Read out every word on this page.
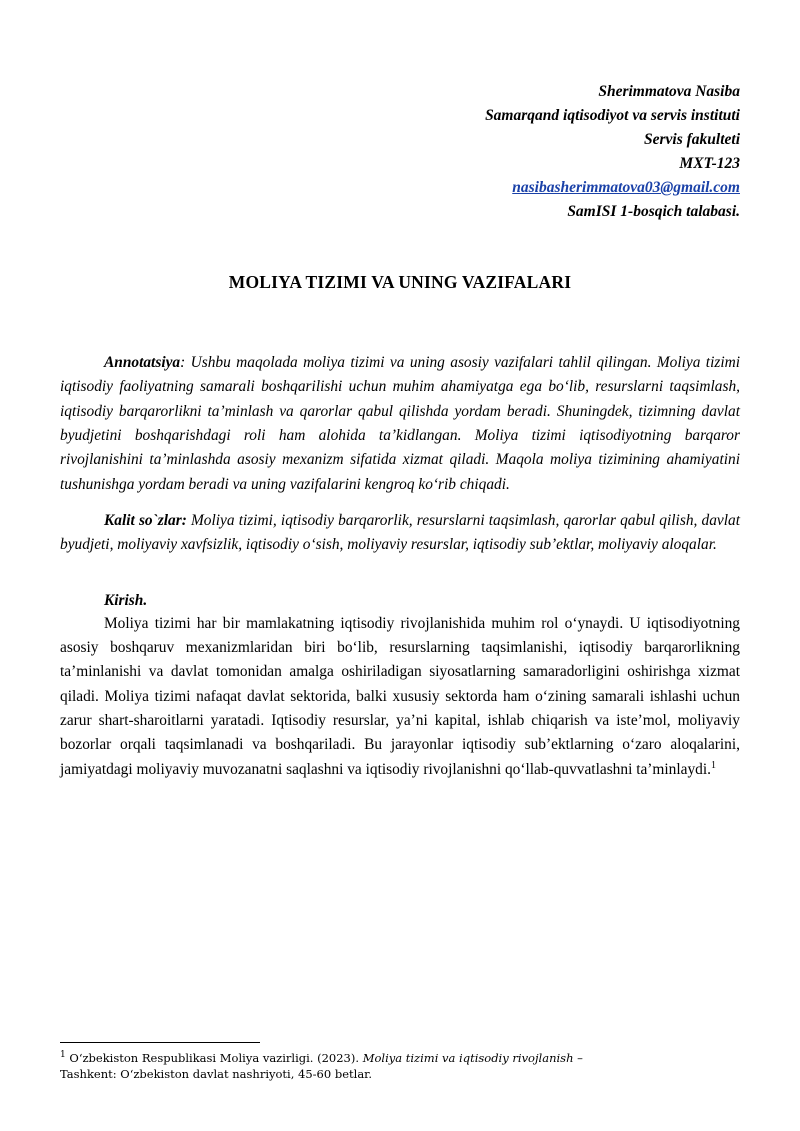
Sherimmatova Nasiba
Samarqand iqtisodiyot va servis instituti
Servis fakulteti
MXT-123
nasibasherimmatova03@gmail.com
SamISI 1-bosqich talabasi.
MOLIYA TIZIMI VA UNING VAZIFALARI

Annotatsiya: Ushbu maqolada moliya tizimi va uning asosiy vazifalari tahlil qilingan. Moliya tizimi iqtisodiy faoliyatning samarali boshqarilishi uchun muhim ahamiyatga ega bo‘lib, resurslarni taqsimlash, iqtisodiy barqarorlikni ta’minlash va qarorlar qabul qilishda yordam beradi. Shuningdek, tizimning davlat byudjetini boshqarishdagi roli ham alohida ta’kidlangan. Moliya tizimi iqtisodiyotning barqaror rivojlanishini ta’minlashda asosiy mexanizm sifatida xizmat qiladi. Maqola moliya tizimining ahamiyatini tushunishga yordam beradi va uning vazifalarini kengroq ko‘rib chiqadi.

Kalit so`zlar: Moliya tizimi, iqtisodiy barqarorlik, resurslarni taqsimlash, qarorlar qabul qilish, davlat byudjeti, moliyaviy xavfsizlik, iqtisodiy o‘sish, moliyaviy resurslar, iqtisodiy sub’ektlar, moliyaviy aloqalar.

Kirish.

Moliya tizimi har bir mamlakatning iqtisodiy rivojlanishida muhim rol o‘ynaydi. U iqtisodiyotning asosiy boshqaruv mexanizmlaridan biri bo‘lib, resurslarning taqsimlanishi, iqtisodiy barqarorlikning ta’minlanishi va davlat tomonidan amalga oshiriladigan siyosatlarning samaradorligini oshirishga xizmat qiladi. Moliya tizimi nafaqat davlat sektorida, balki xususiy sektorda ham o‘zining samarali ishlashi uchun zarur shart-sharoitlarni yaratadi. Iqtisodiy resurslar, ya’ni kapital, ishlab chiqarish va iste’mol, moliyaviy bozorlar orqali taqsimlanadi va boshqariladi. Bu jarayonlar iqtisodiy sub’ektlarning o‘zaro aloqalarini, jamiyatdagi moliyaviy muvozanatni saqlashni va iqtisodiy rivojlanishni qo‘llab-quvvatlashni ta’minlaydi.$^1$

$^1$ O‘zbekiston Respublikasi Moliya vazirligi. (2023). Moliya tizimi va iqtisodiy rivojlanish –
Tashkent: O‘zbekiston davlat nashriyoti, 45-60 betlar.
